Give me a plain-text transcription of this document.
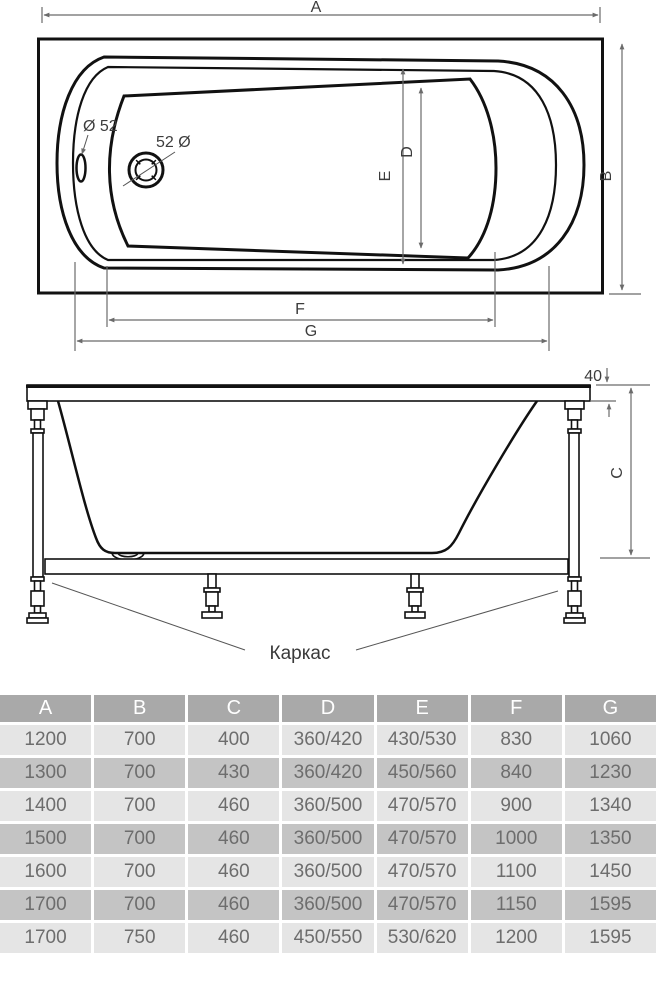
Ø 52
52 Ø
A
B
E
D
F
G
40
C
Каркас
A	B	C	D	E	F	G
1200	700	400	360/420	430/530	830	1060
1300	700	430	360/420	450/560	840	1230
1400	700	460	360/500	470/570	900	1340
1500	700	460	360/500	470/570	1000	1350
1600	700	460	360/500	470/570	1100	1450
1700	700	460	360/500	470/570	1150	1595
1700	750	460	450/550	530/620	1200	1595
